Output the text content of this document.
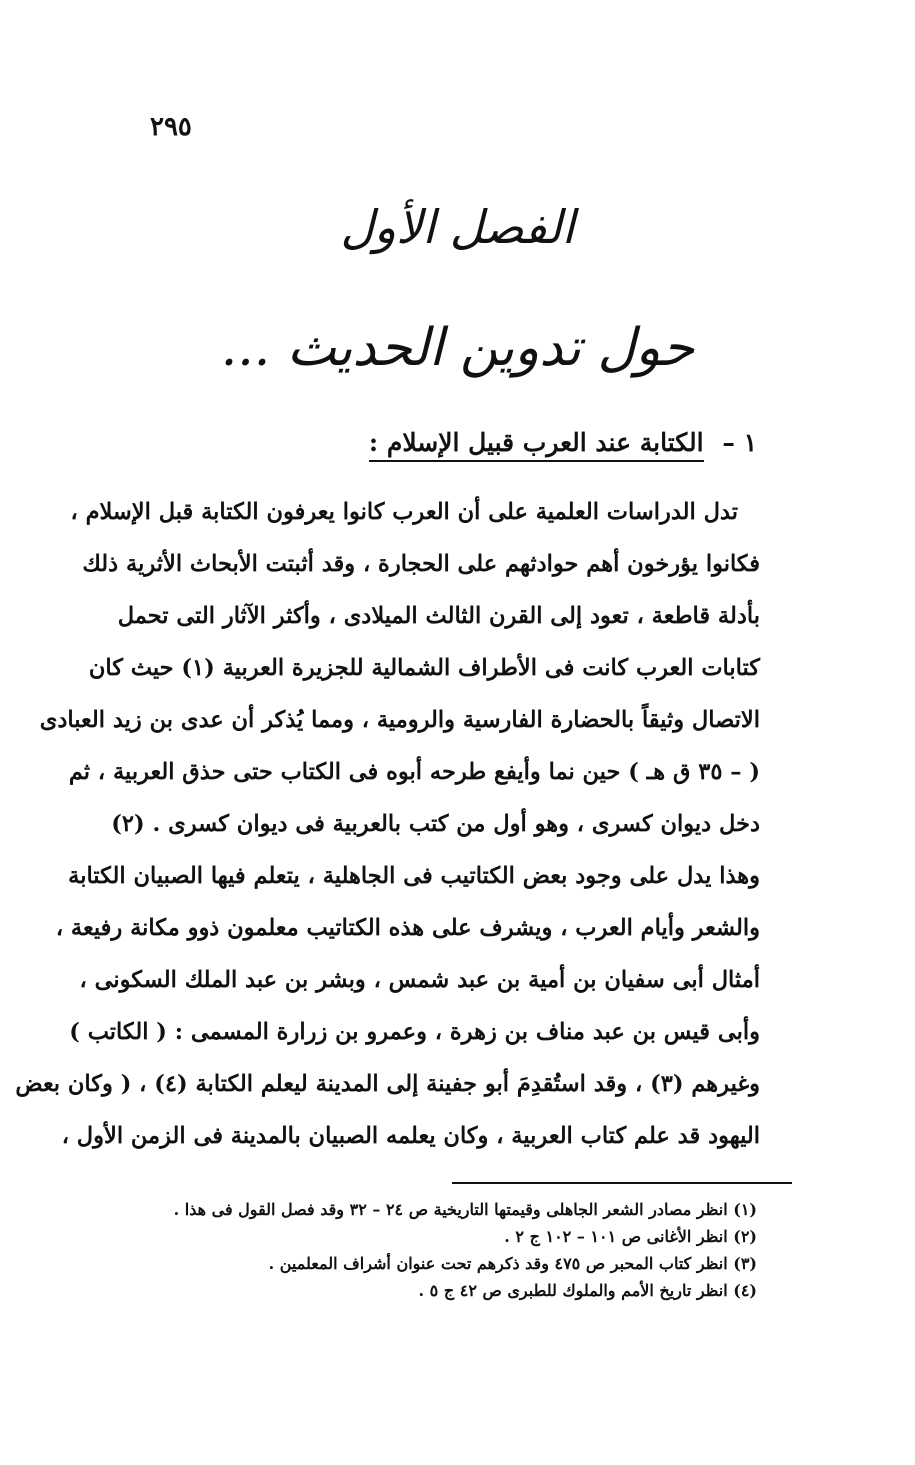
٢٩٥
الفصل الأول
حول تدوين الحديث ...
١ – الكتابة عند العرب قبيل الإسلام :
تدل الدراسات العلمية على أن العرب كانوا يعرفون الكتابة قبل الإسلام ،
فكانوا يؤرخون أهم حوادثهم على الحجارة ، وقد أثبتت الأبحاث الأثرية ذلك
بأدلة قاطعة ، تعود إلى القرن الثالث الميلادى ، وأكثر الآثار التى تحمل
كتابات العرب كانت فى الأطراف الشمالية للجزيرة العربية (١) حيث كان
الاتصال وثيقاً بالحضارة الفارسية والرومية ، ومما يُذكر أن عدى بن زيد العبادى
( – ٣٥ ق هـ ) حين نما وأيفع طرحه أبوه فى الكتاب حتى حذق العربية ، ثم
دخل ديوان كسرى ، وهو أول من كتب بالعربية فى ديوان كسرى . (٢)
وهذا يدل على وجود بعض الكتاتيب فى الجاهلية ، يتعلم فيها الصبيان الكتابة
والشعر وأيام العرب ، ويشرف على هذه الكتاتيب معلمون ذوو مكانة رفيعة ،
أمثال أبى سفيان بن أمية بن عبد شمس ، وبشر بن عبد الملك السكونى ،
وأبى قيس بن عبد مناف بن زهرة ، وعمرو بن زرارة المسمى : ( الكاتب )
وغيرهم (٣) ، وقد استُقدِمَ أبو جفينة إلى المدينة ليعلم الكتابة (٤) ، ( وكان بعض
اليهود قد علم كتاب العربية ، وكان يعلمه الصبيان بالمدينة فى الزمن الأول ،
(١) انظر مصادر الشعر الجاهلى وقيمتها التاريخية ص ٢٤ – ٣٢ وقد فصل القول فى هذا .
(٢) انظر الأغانى ص ١٠١ – ١٠٢ ج ٢ .
(٣) انظر كتاب المحبر ص ٤٧٥ وقد ذكرهم تحت عنوان أشراف المعلمين .
(٤) انظر تاريخ الأمم والملوك للطبرى ص ٤٢ ج ٥ .
